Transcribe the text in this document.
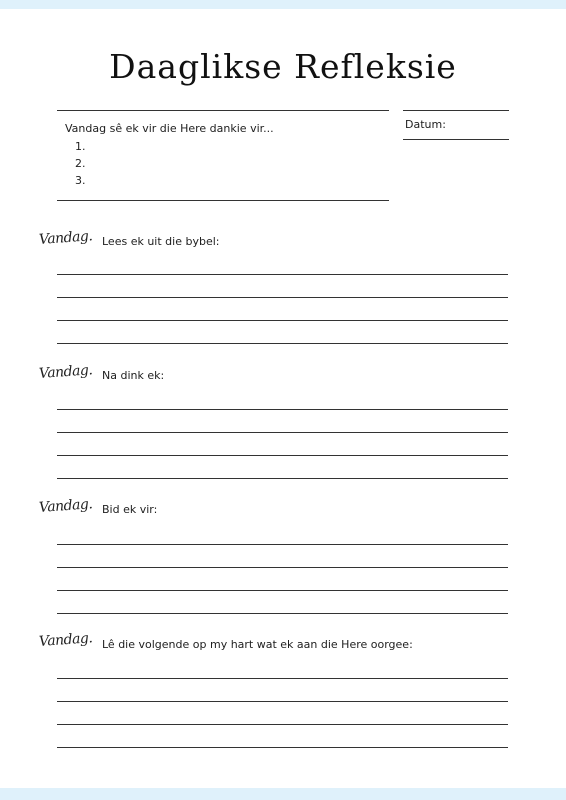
Daaglikse Refleksie
Vandag sê ek vir die Here dankie vir...
1.
2.
3.
Datum:
Vandag. Lees ek uit die bybel:
Vandag. Na dink ek:
Vandag. Bid ek vir:
Vandag. Lê die volgende op my hart wat ek aan die Here oorgee:
